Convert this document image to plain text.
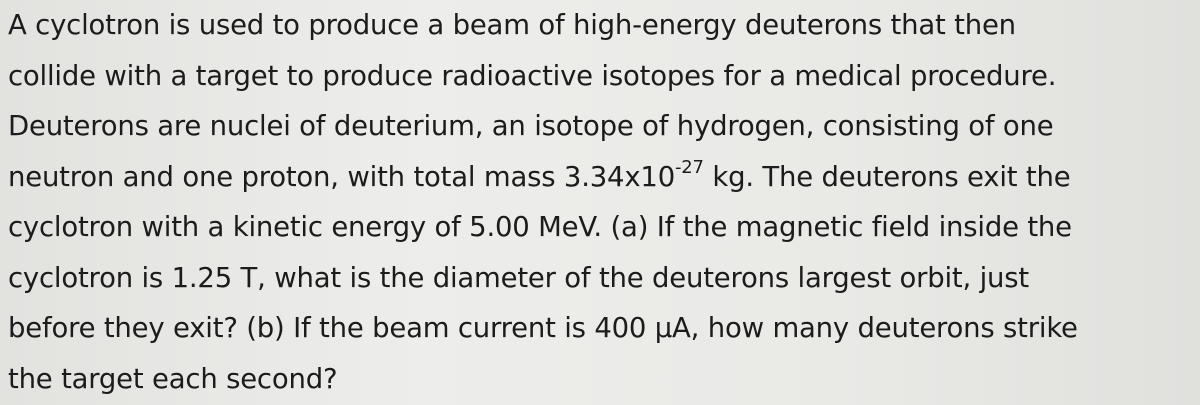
A cyclotron is used to produce a beam of high-energy deuterons that then
collide with a target to produce radioactive isotopes for a medical procedure.
Deuterons are nuclei of deuterium, an isotope of hydrogen, consisting of one
neutron and one proton, with total mass $3.34x10^{-27}$ kg. The deuterons exit the
cyclotron with a kinetic energy of 5.00 MeV. (a) If the magnetic field inside the
cyclotron is 1.25 T, what is the diameter of the deuterons largest orbit, just
before they exit? (b) If the beam current is 400 µA, how many deuterons strike
the target each second?
